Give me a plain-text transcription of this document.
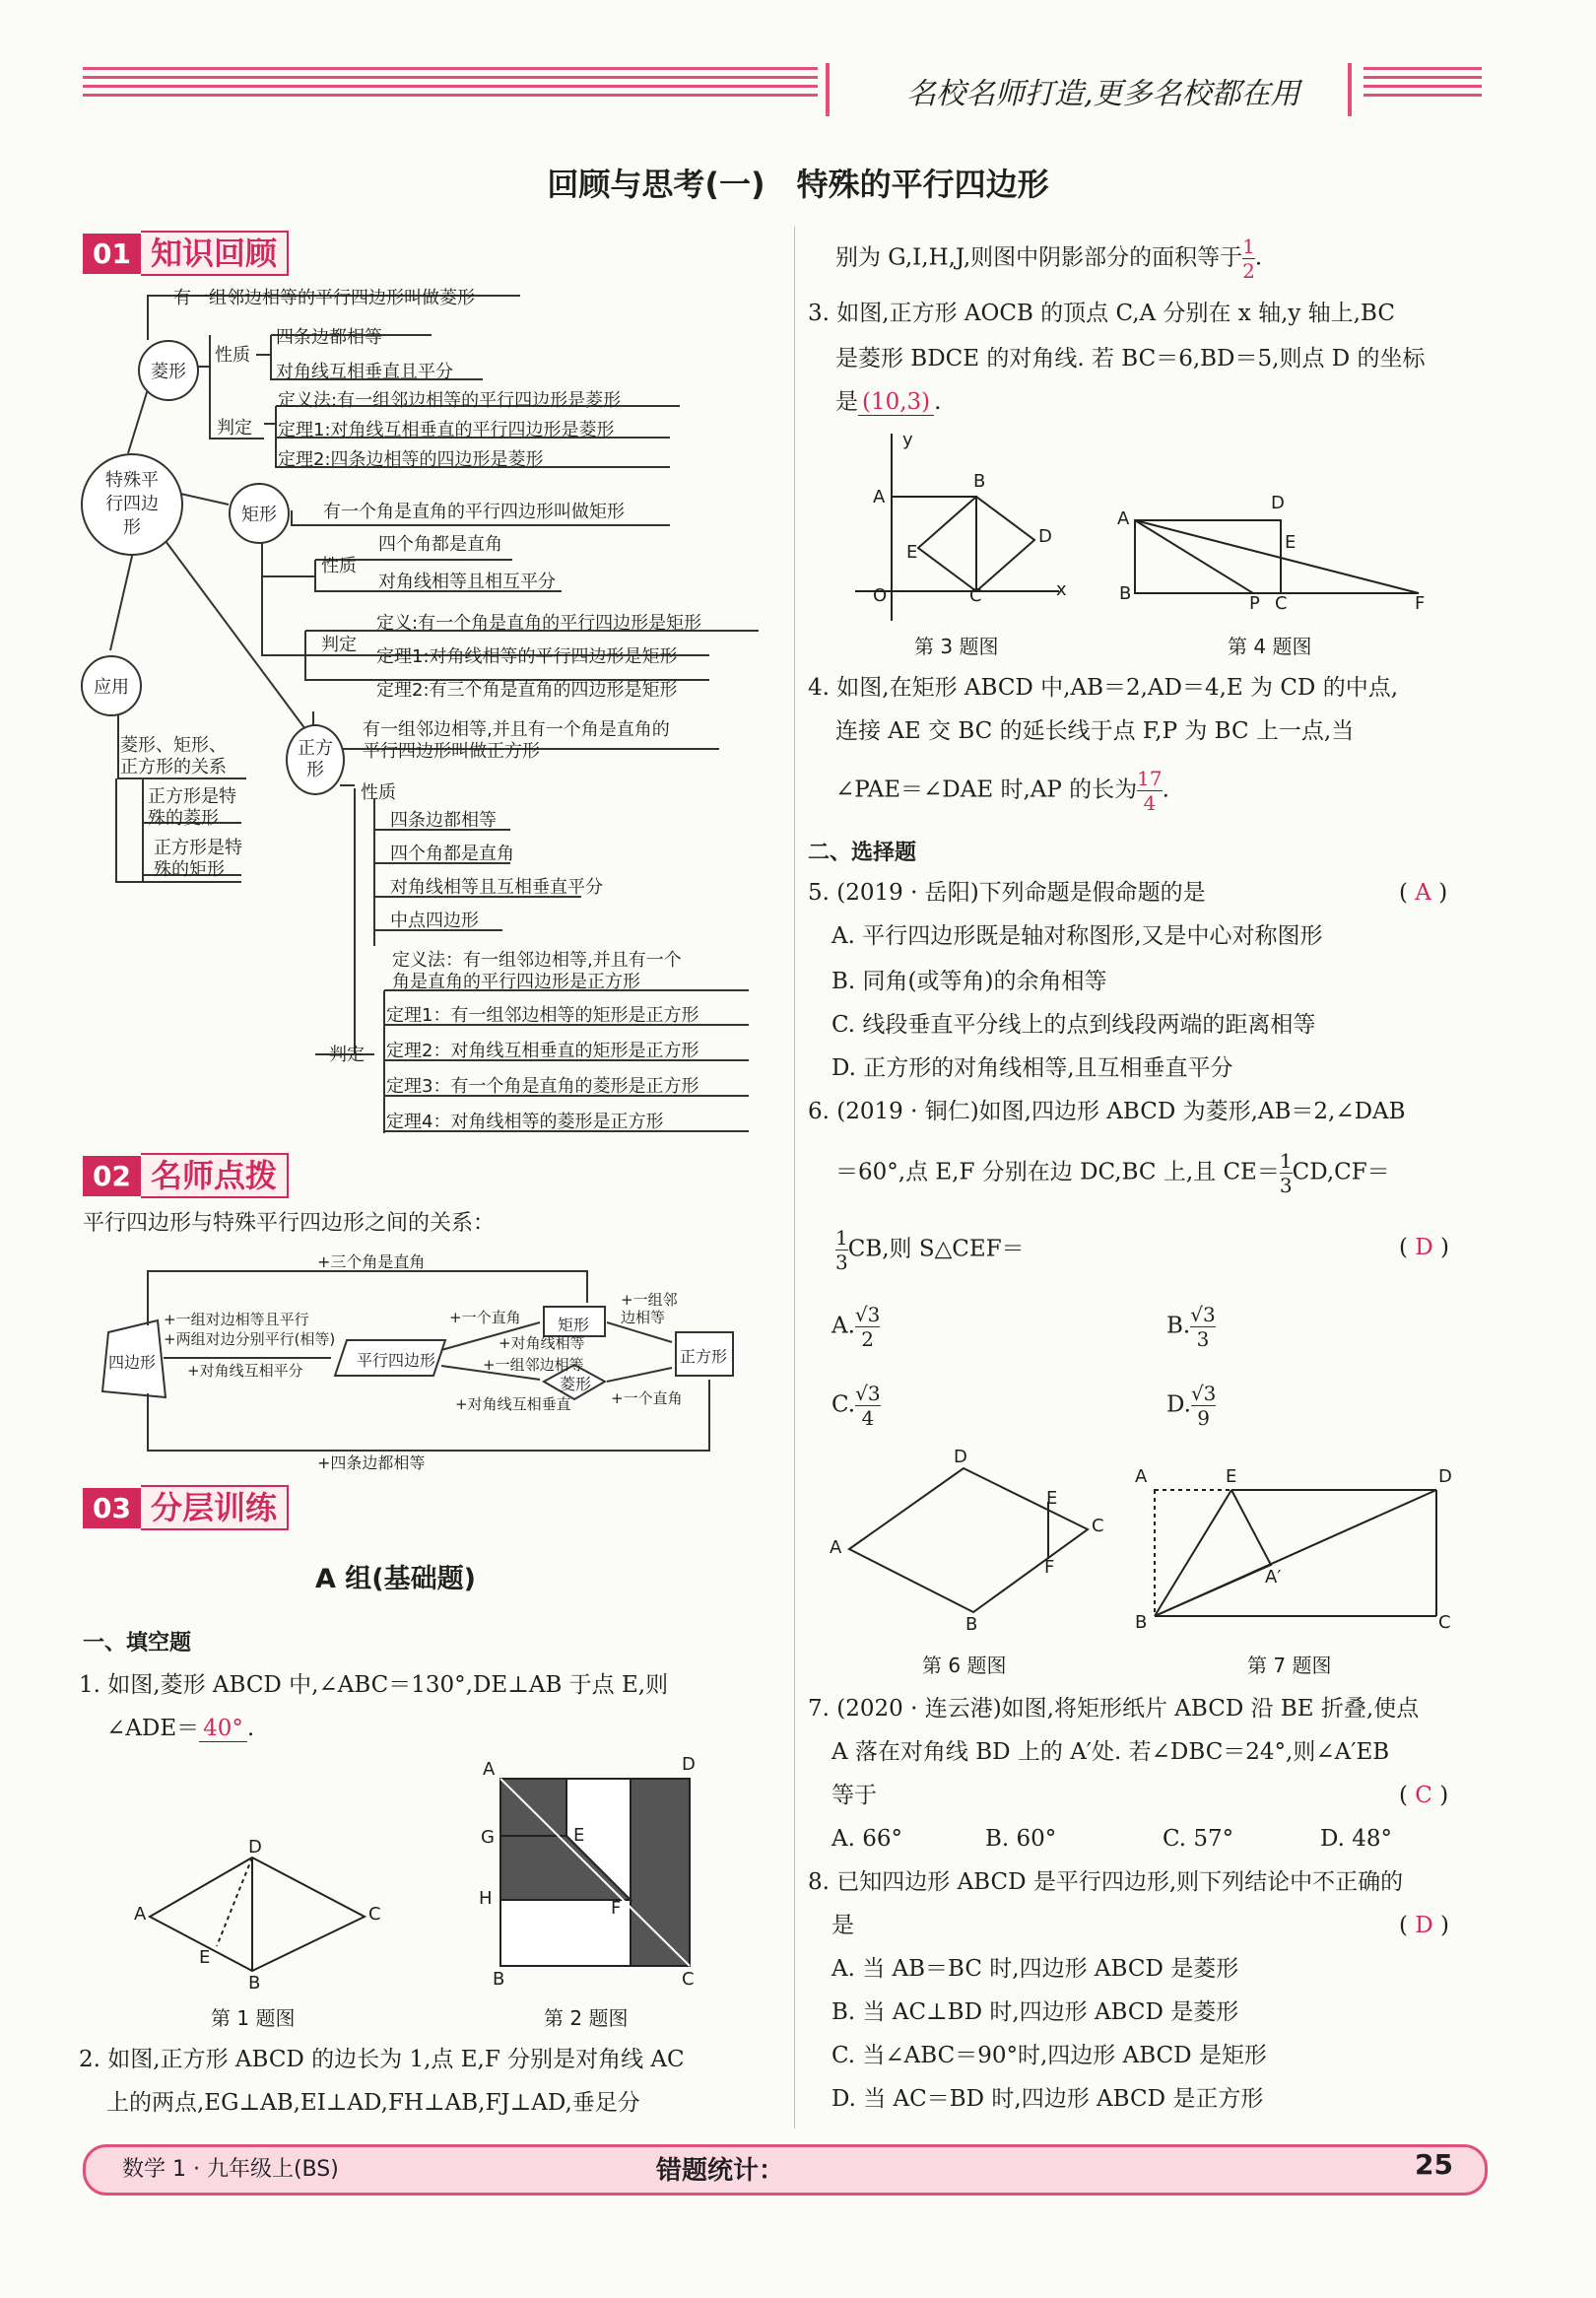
名校名师打造,更多名校都在用
回顾与思考(一)　特殊的平行四边形
01 知识回顾
菱形
特殊平行四边形
矩形
应用
正方形
有一组邻边相等的平行四边形叫做菱形
性质
四条边都相等
对角线互相垂直且平分
判定
定义法:有一组邻边相等的平行四边形是菱形
定理1:对角线互相垂直的平行四边形是菱形
定理2:四条边相等的四边形是菱形
有一个角是直角的平行四边形叫做矩形
性质
四个角都是直角
对角线相等且相互平分
判定
定义:有一个角是直角的平行四边形是矩形
定理1:对角线相等的平行四边形是矩形
定理2:有三个角是直角的四边形是矩形
有一组邻边相等,并且有一个角是直角的
平行四边形叫做正方形
性质
四条边都相等
四个角都是直角
对角线相等且互相垂直平分
中点四边形
定义法：有一组邻边相等,并且有一个
角是直角的平行四边形是正方形
判定
定理1：有一组邻边相等的矩形是正方形
定理2：对角线互相垂直的矩形是正方形
定理3：有一个角是直角的菱形是正方形
定理4：对角线相等的菱形是正方形
菱形、矩形、
正方形的关系
正方形是特
殊的菱形
正方形是特
殊的矩形
02 名师点拨
平行四边形与特殊平行四边形之间的关系：
四边形	平行四边形
矩形
菱形
正方形
+三个角是直角
+四条边都相等
+一组对边相等且平行
+两组对边分别平行(相等)
+对角线互相平分
+一个直角
+对角线相等
+一组邻边相等
+对角线互相垂直
+一组邻
边相等
+一个直角
03 分层训练
A 组(基础题)
一、填空题
1. 如图,菱形 ABCD 中,∠ABC＝130°,DE⊥AB 于点 E,则
∠ADE＝ 40° .
A
D
C
E
B
第 1 题图
A	D
G	E
H	F
B	C
第 2 题图
2. 如图,正方形 ABCD 的边长为 1,点 E,F 分别是对角线 AC
上的两点,EG⊥AB,EI⊥AD,FH⊥AB,FJ⊥AD,垂足分
别为 G,I,H,J,则图中阴影部分的面积等于 $\frac{1}{2}$ .
3. 如图,正方形 AOCB 的顶点 C,A 分别在 x 轴,y 轴上,BC
是菱形 BDCE 的对角线. 若 BC＝6,BD＝5,则点 D 的坐标
是 (10,3) .
y
x
A
B
D
E
O	C
第 3 题图
A
D
E
B	P C	F
第 4 题图
4. 如图,在矩形 ABCD 中,AB＝2,AD＝4,E 为 CD 的中点,
连接 AE 交 BC 的延长线于点 F,P 为 BC 上一点,当
∠PAE＝∠DAE 时,AP 的长为 $\frac{17}{4}$ .
二、选择题
5. (2019 · 岳阳)下列命题是假命题的是	( A )
A. 平行四边形既是轴对称图形,又是中心对称图形
B. 同角(或等角)的余角相等
C. 线段垂直平分线上的点到线段两端的距离相等
D. 正方形的对角线相等,且互相垂直平分
6. (2019 · 铜仁)如图,四边形 ABCD 为菱形,AB＝2,∠DAB
＝60°,点 E,F 分别在边 DC,BC 上,且 $CE= \frac{1}{3} CD,CF=$
$\frac{1}{3}$ CB,则 S△CEF＝	( D )
A. $\frac{√3}{2}$	B. $\frac{√3}{3}$
C. $\frac{√3}{4}$	D. $\frac{√3}{9}$
D
A
E
C
F
B
第 6 题图
A	E	D
A′
B	C
第 7 题图
7. (2020 · 连云港)如图,将矩形纸片 ABCD 沿 BE 折叠,使点
A 落在对角线 BD 上的 A′处. 若∠DBC＝24°,则∠A′EB
等于	( C )
A. 66°	B. 60°	C. 57°	D. 48°
8. 已知四边形 ABCD 是平行四边形,则下列结论中不正确的
是	( D )
A. 当 AB＝BC 时,四边形 ABCD 是菱形
B. 当 AC⊥BD 时,四边形 ABCD 是菱形
C. 当∠ABC＝90°时,四边形 ABCD 是矩形
D. 当 AC＝BD 时,四边形 ABCD 是正方形
数学 1 · 九年级上(BS)	错题统计：	25
